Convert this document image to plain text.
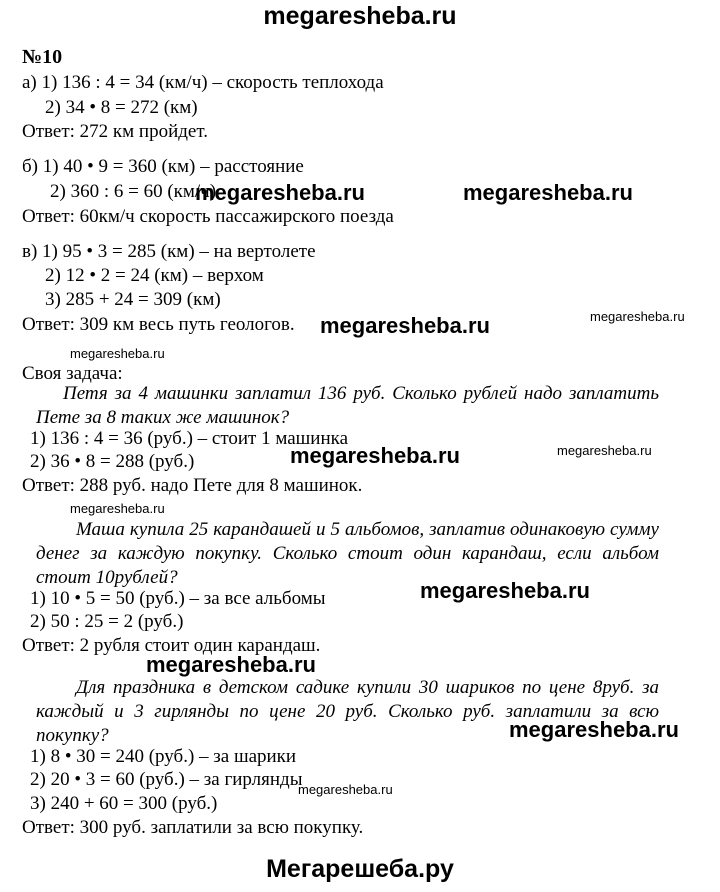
megaresheba.ru
№10
а) 1) 136 : 4 = 34 (км/ч) – скорость теплохода
2) 34 • 8 = 272 (км)
Ответ: 272 км пройдет.
б) 1) 40 • 9 = 360 (км) – расстояние
2) 360 : 6 = 60 (км/ч)
Ответ: 60км/ч скорость пассажирского поезда
в) 1) 95 • 3 = 285 (км) – на вертолете
2) 12 • 2 = 24 (км) – верхом
3) 285 + 24 = 309 (км)
Ответ: 309 км весь путь геологов.
Своя задача:
Петя за 4 машинки заплатил 136 руб. Сколько рублей надо заплатить Пете за 8 таких же машинок?
1) 136 : 4 = 36 (руб.) – стоит 1 машинка
2) 36 • 8 = 288 (руб.)
Ответ: 288 руб. надо Пете для 8 машинок.
Маша купила 25 карандашей и 5 альбомов, заплатив одинаковую сумму денег за каждую покупку. Сколько стоит один карандаш, если альбом стоит 10рублей?
1) 10 • 5 = 50 (руб.) – за все альбомы
2) 50 : 25 = 2 (руб.)
Ответ: 2 рубля стоит один карандаш.
Для праздника в детском садике купили 30 шариков по цене 8руб. за каждый и 3 гирлянды по цене 20 руб. Сколько руб. заплатили за всю покупку?
1) 8 • 30 = 240 (руб.) – за шарики
2) 20 • 3 = 60 (руб.) – за гирлянды
3) 240 + 60 = 300 (руб.)
Ответ: 300 руб. заплатили за всю покупку.
megaresheba.ru	megaresheba.ru
megaresheba.ru
megaresheba.ru
megaresheba.ru
megaresheba.ru	megaresheba.ru
megaresheba.ru
megaresheba.ru
megaresheba.ru
megaresheba.ru
megaresheba.ru
Мегарешеба.ру
